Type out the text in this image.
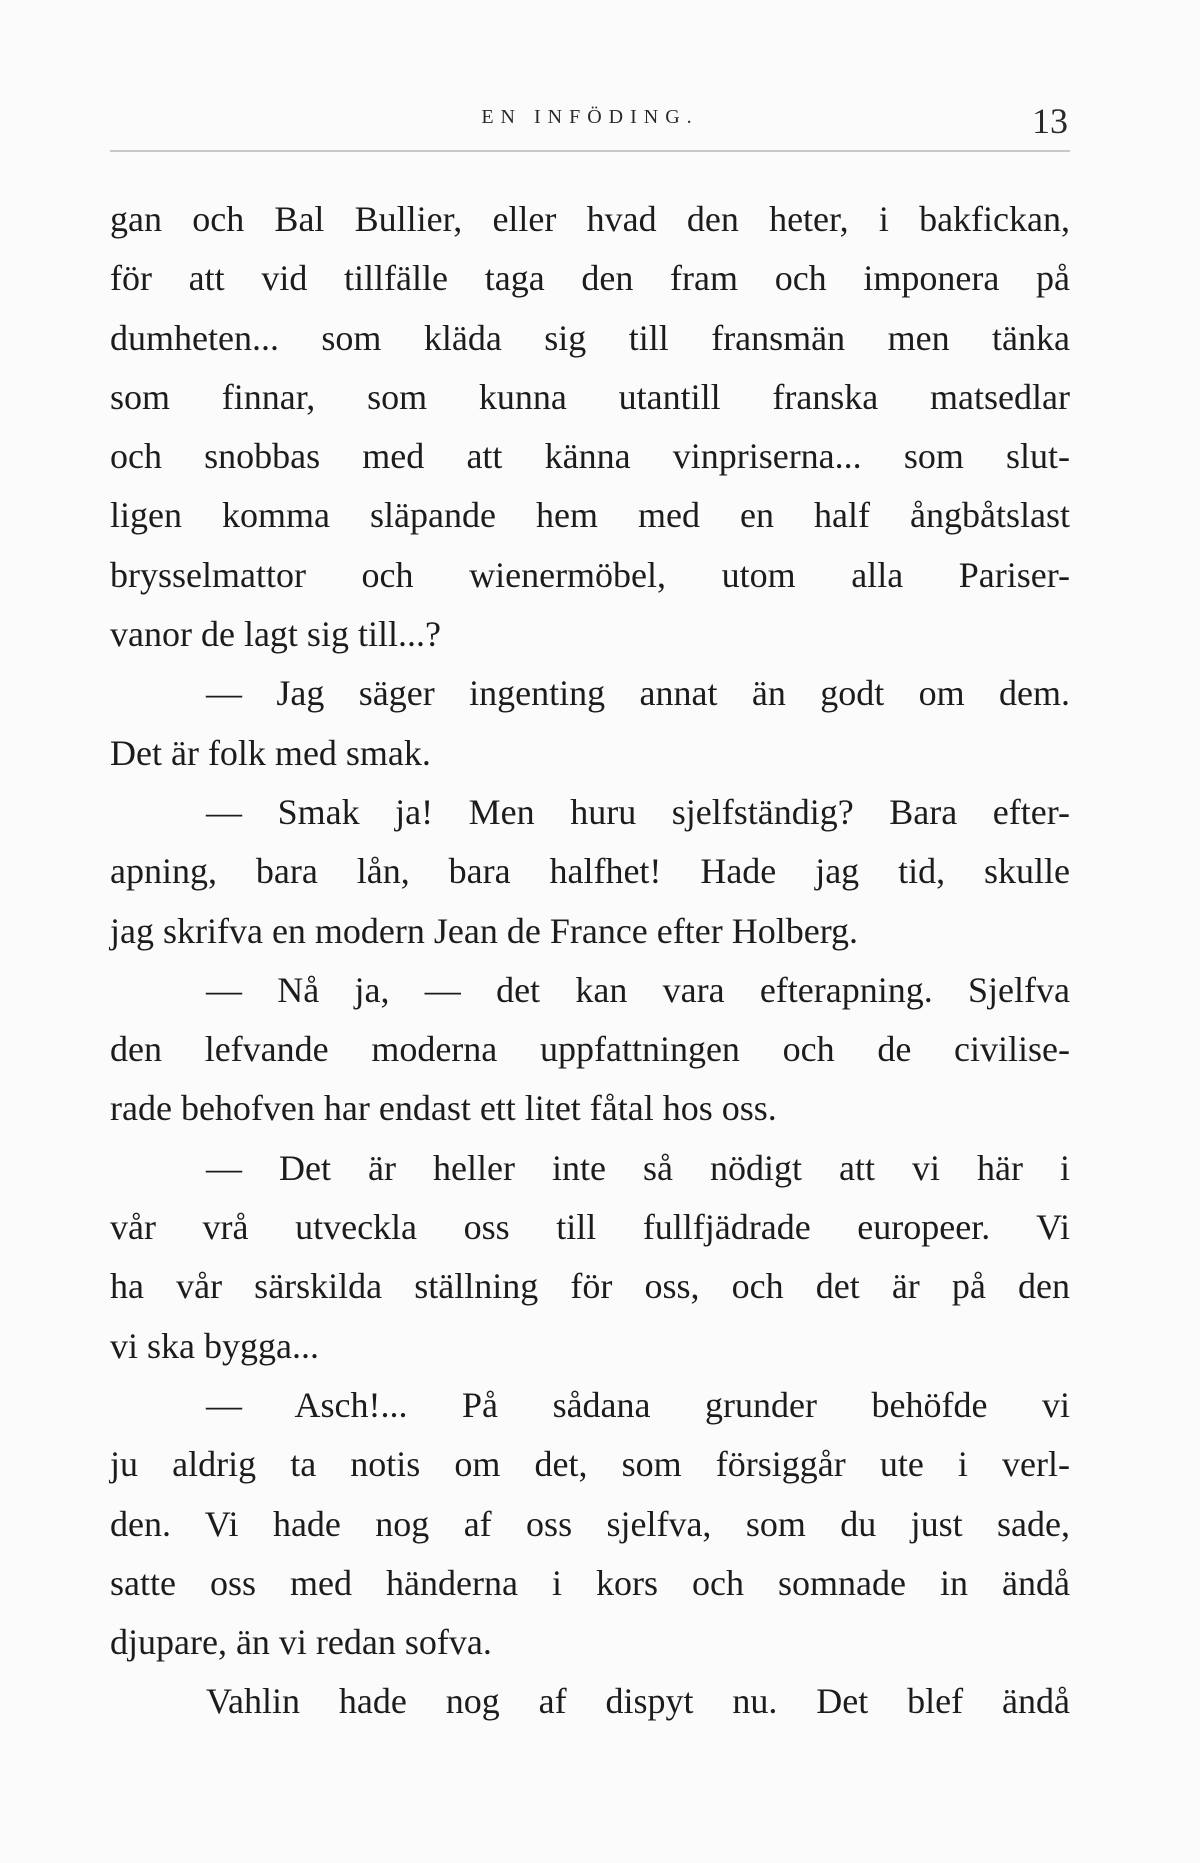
EN INFÖDING.	13
gan och Bal Bullier, eller hvad den heter, i bakfickan,
för att vid tillfälle taga den fram och imponera på
dumheten... som kläda sig till fransmän men tänka
som finnar, som kunna utantill franska matsedlar
och snobbas med att känna vinpriserna... som slut-
ligen komma släpande hem med en half ångbåtslast
brysselmattor och wienermöbel, utom alla Pariser-
vanor de lagt sig till...?
— Jag säger ingenting annat än godt om dem.
Det är folk med smak.
— Smak ja! Men huru sjelfständig? Bara efter-
apning, bara lån, bara halfhet! Hade jag tid, skulle
jag skrifva en modern Jean de France efter Holberg.
— Nå ja, — det kan vara efterapning. Sjelfva
den lefvande moderna uppfattningen och de civilise-
rade behofven har endast ett litet fåtal hos oss.
— Det är heller inte så nödigt att vi här i
vår vrå utveckla oss till fullfjädrade europeer. Vi
ha vår särskilda ställning för oss, och det är på den
vi ska bygga...
— Asch!... På sådana grunder behöfde vi
ju aldrig ta notis om det, som försiggår ute i verl-
den. Vi hade nog af oss sjelfva, som du just sade,
satte oss med händerna i kors och somnade in ändå
djupare, än vi redan sofva.
Vahlin hade nog af dispyt nu. Det blef ändå
